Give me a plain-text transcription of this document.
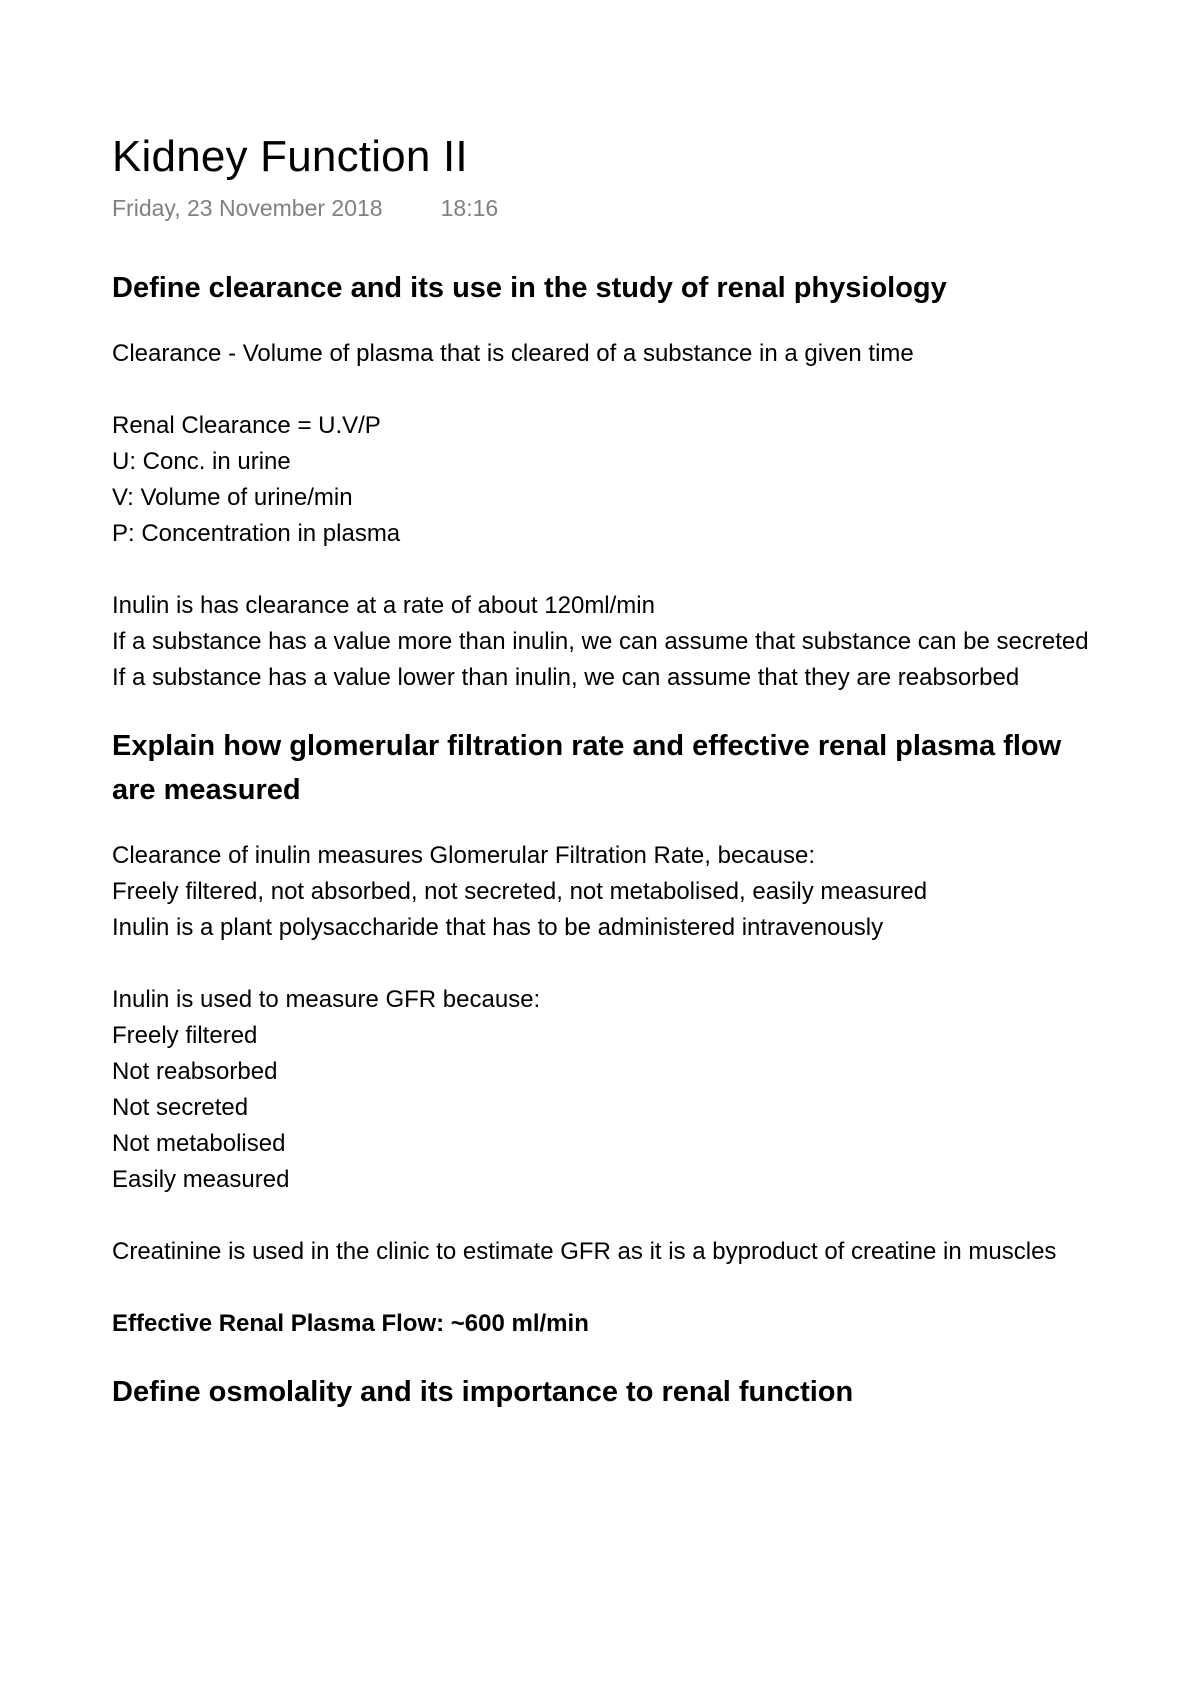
Kidney Function II
Friday, 23 November 2018	18:16
Define clearance and its use in the study of renal physiology

Clearance - Volume of plasma that is cleared of a substance in a given time

Renal Clearance = U.V/P

U: Conc. in urine
V: Volume of urine/min
P: Concentration in plasma

Inulin is has clearance at a rate of about 120ml/min

If a substance has a value more than inulin, we can assume that substance can be secreted

If a substance has a value lower than inulin, we can assume that they are reabsorbed

Explain how glomerular filtration rate and effective renal plasma flow are measured

Clearance of inulin measures Glomerular Filtration Rate, because:

Freely filtered, not absorbed, not secreted, not metabolised, easily measured

Inulin is a plant polysaccharide that has to be administered intravenously

Inulin is used to measure GFR because:

Freely filtered
Not reabsorbed
Not secreted
Not metabolised
Easily measured

Creatinine is used in the clinic to estimate GFR as it is a byproduct of creatine in muscles

Effective Renal Plasma Flow: ~600 ml/min

Define osmolality and its importance to renal function
